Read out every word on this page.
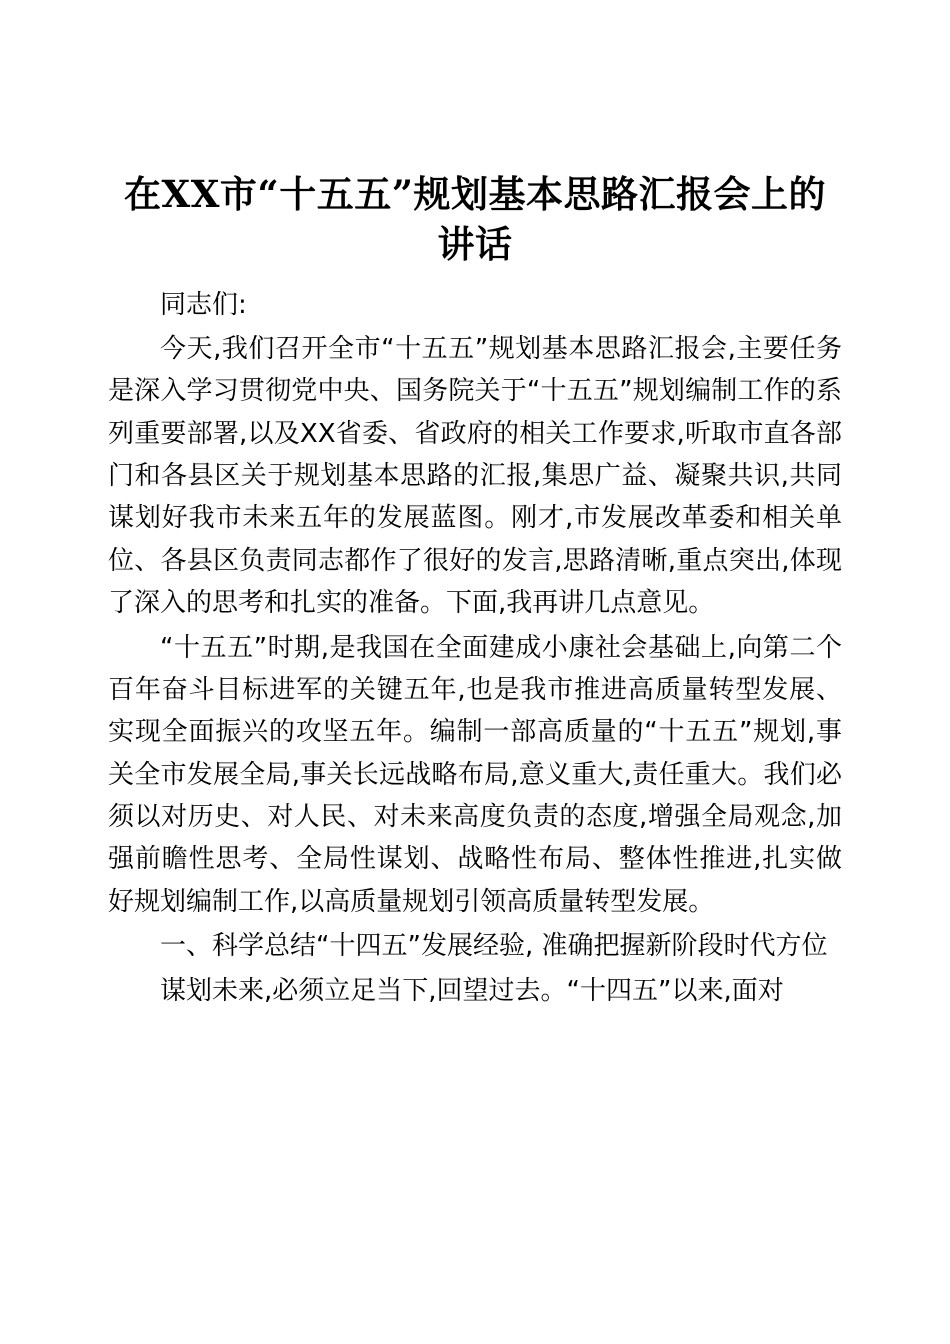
在XX市“十五五”规划基本思路汇报会上的讲话

同志们:

今天,我们召开全市“十五五”规划基本思路汇报会,主要任务是深入学习贯彻党中央、国务院关于“十五五”规划编制工作的系列重要部署,以及XX省委、省政府的相关工作要求,听取市直各部门和各县区关于规划基本思路的汇报,集思广益、凝聚共识,共同谋划好我市未来五年的发展蓝图。刚才,市发展改革委和相关单位、各县区负责同志都作了很好的发言,思路清晰,重点突出,体现了深入的思考和扎实的准备。下面,我再讲几点意见。

“十五五”时期,是我国在全面建成小康社会基础上,向第二个百年奋斗目标进军的关键五年,也是我市推进高质量转型发展、实现全面振兴的攻坚五年。编制一部高质量的“十五五”规划,事关全市发展全局,事关长远战略布局,意义重大,责任重大。我们必须以对历史、对人民、对未来高度负责的态度,增强全局观念,加强前瞻性思考、全局性谋划、战略性布局、整体性推进,扎实做好规划编制工作,以高质量规划引领高质量转型发展。

一、科学总结“十四五”发展经验, 准确把握新阶段时代方位

谋划未来,必须立足当下,回望过去。“十四五”以来,面对
